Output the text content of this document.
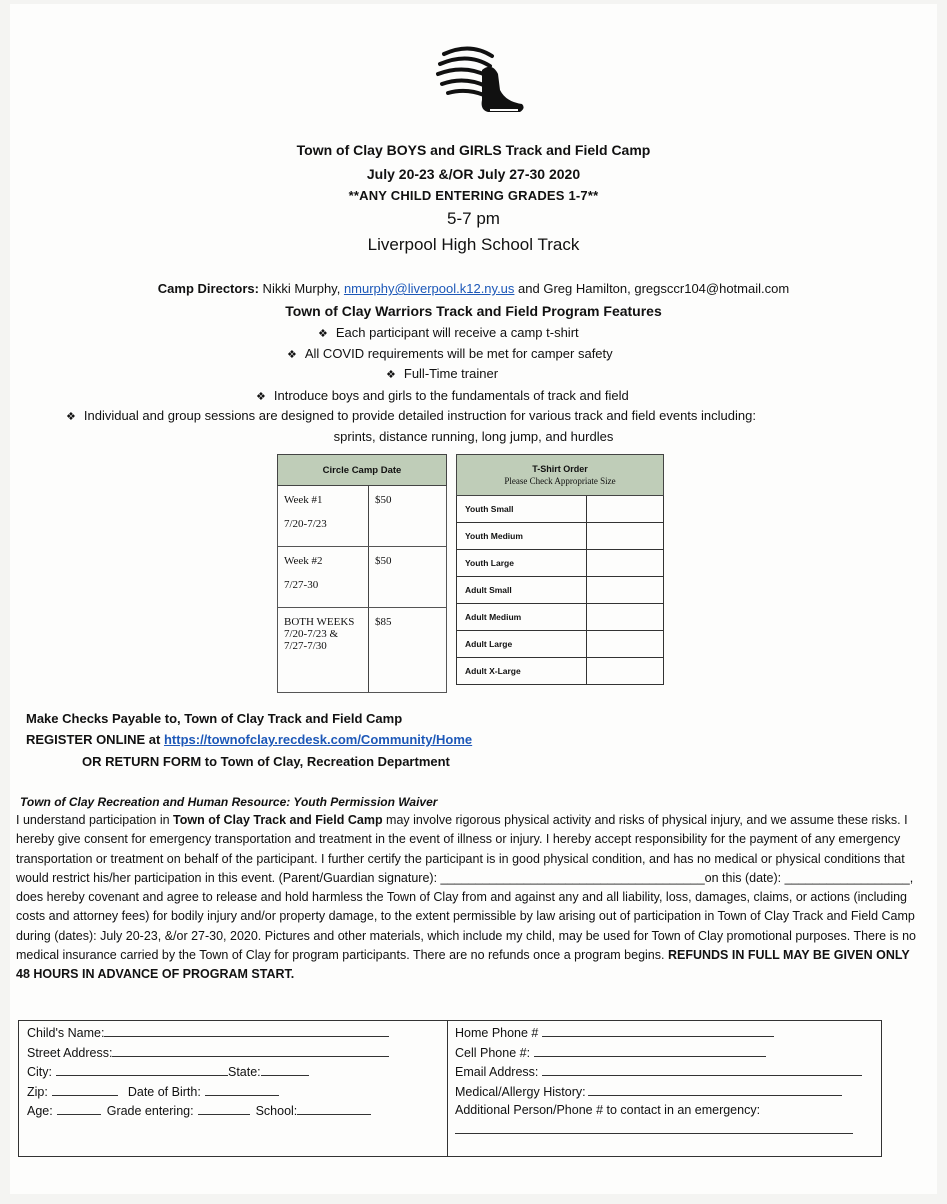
Town of Clay BOYS and GIRLS Track and Field Camp
July 20-23 &/OR July 27-30 2020
**ANY CHILD ENTERING GRADES 1-7**
5-7 pm
Liverpool High School Track
Camp Directors: Nikki Murphy, nmurphy@liverpool.k12.ny.us and Greg Hamilton, gregsccr104@hotmail.com
Town of Clay Warriors Track and Field Program Features
❖ Each participant will receive a camp t-shirt
❖ All COVID requirements will be met for camper safety
❖ Full-Time trainer
❖ Introduce boys and girls to the fundamentals of track and field
❖ Individual and group sessions are designed to provide detailed instruction for various track and field events including:
sprints, distance running, long jump, and hurdles
Circle Camp Date	
Week #1

7/20-7/23	$50
Week #2

7/27-30	$50
BOTH WEEKS
7/20-7/23 & 7/27-7/30	$85
T-Shirt Order
Please Check Appropriate Size	
Youth Small	
Youth Medium	
Youth Large	
Adult Small	
Adult Medium	
Adult Large	
Adult X-Large	
Make Checks Payable to, Town of Clay Track and Field Camp
REGISTER ONLINE at https://townofclay.recdesk.com/Community/Home
OR RETURN FORM to Town of Clay, Recreation Department
Town of Clay Recreation and Human Resource: Youth Permission Waiver
I understand participation in Town of Clay Track and Field Camp may involve rigorous physical activity and risks of physical injury, and we assume these risks. I hereby give consent for emergency transportation and treatment in the event of illness or injury. I hereby accept responsibility for the payment of any emergency transportation or treatment on behalf of the participant. I further certify the participant is in good physical condition, and has no medical or physical conditions that would restrict his/her participation in this event. (Parent/Guardian signature): ______________________________________on this (date): __________________, does hereby covenant and agree to release and hold harmless the Town of Clay from and against any and all liability, loss, damages, claims, or actions (including costs and attorney fees) for bodily injury and/or property damage, to the extent permissible by law arising out of participation in Town of Clay Track and Field Camp during (dates): July 20-23, &/or 27-30, 2020. Pictures and other materials, which include my child, may be used for Town of Clay promotional purposes. There is no medical insurance carried by the Town of Clay for program participants. There are no refunds once a program begins. REFUNDS IN FULL MAY BE GIVEN ONLY 48 HOURS IN ADVANCE OF PROGRAM START.
Child's Name:
Street Address:
City:	State:
Zip:	Date of Birth:
Age:	Grade entering:	School:
Home Phone #
Cell Phone #:
Email Address:
Medical/Allergy History:
Additional Person/Phone # to contact in an emergency:
